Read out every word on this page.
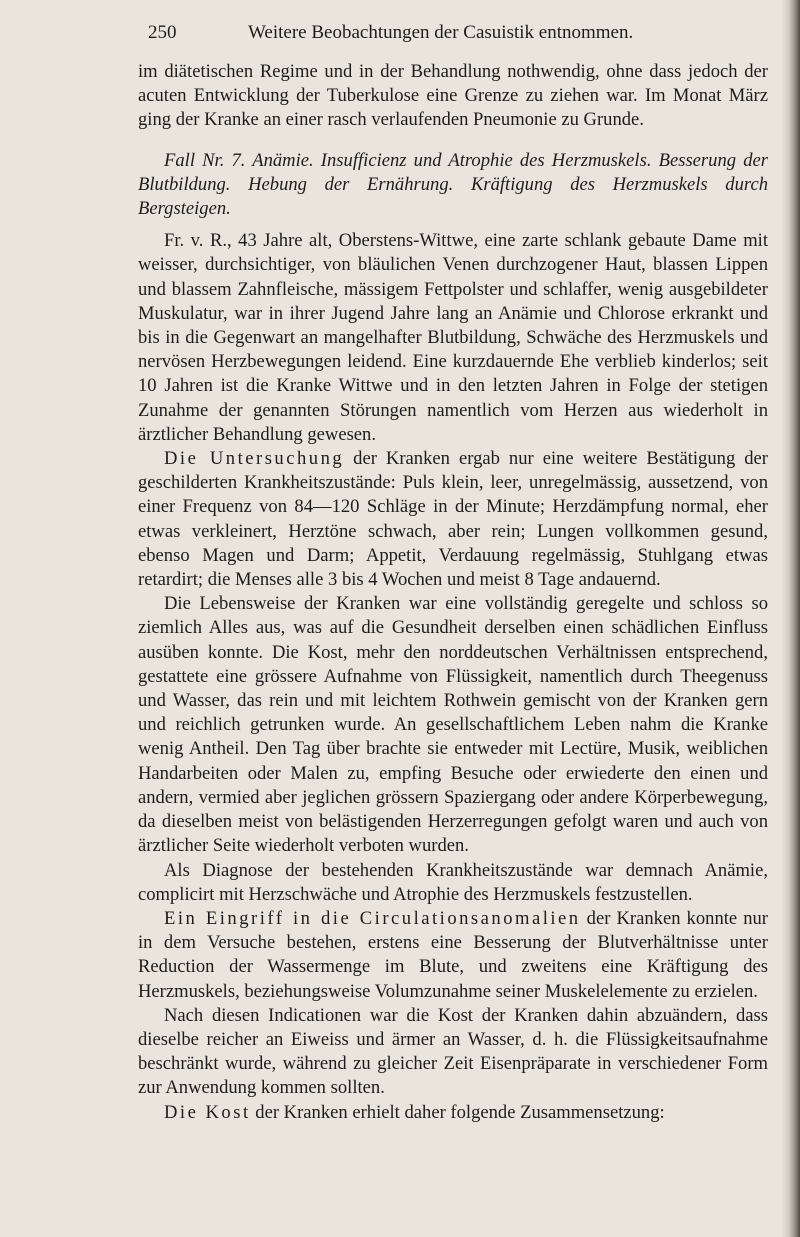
250	Weitere Beobachtungen der Casuistik entnommen.

im diätetischen Regime und in der Behandlung nothwendig, ohne dass jedoch der acuten Entwicklung der Tuberkulose eine Grenze zu ziehen war. Im Monat März ging der Kranke an einer rasch verlaufenden Pneumonie zu Grunde.

Fall Nr. 7. Anämie. Insufficienz und Atrophie des Herzmuskels. Besserung der Blutbildung. Hebung der Ernährung. Kräftigung des Herzmuskels durch Bergsteigen.

Fr. v. R., 43 Jahre alt, Oberstens-Wittwe, eine zarte schlank gebaute Dame mit weisser, durchsichtiger, von bläulichen Venen durchzogener Haut, blassen Lippen und blassem Zahnfleische, mässigem Fettpolster und schlaffer, wenig ausgebildeter Muskulatur, war in ihrer Jugend Jahre lang an Anämie und Chlorose erkrankt und bis in die Gegenwart an mangelhafter Blutbildung, Schwäche des Herzmuskels und nervösen Herzbewegungen leidend. Eine kurzdauernde Ehe verblieb kinderlos; seit 10 Jahren ist die Kranke Wittwe und in den letzten Jahren in Folge der stetigen Zunahme der genannten Störungen namentlich vom Herzen aus wiederholt in ärztlicher Behandlung gewesen.

Die Untersuchung der Kranken ergab nur eine weitere Bestätigung der geschilderten Krankheitszustände: Puls klein, leer, unregelmässig, aussetzend, von einer Frequenz von 84—120 Schläge in der Minute; Herzdämpfung normal, eher etwas verkleinert, Herztöne schwach, aber rein; Lungen vollkommen gesund, ebenso Magen und Darm; Appetit, Verdauung regelmässig, Stuhlgang etwas retardirt; die Menses alle 3 bis 4 Wochen und meist 8 Tage andauernd.

Die Lebensweise der Kranken war eine vollständig geregelte und schloss so ziemlich Alles aus, was auf die Gesundheit derselben einen schädlichen Einfluss ausüben konnte. Die Kost, mehr den norddeutschen Verhältnissen entsprechend, gestattete eine grössere Aufnahme von Flüssigkeit, namentlich durch Theegenuss und Wasser, das rein und mit leichtem Rothwein gemischt von der Kranken gern und reichlich getrunken wurde. An gesellschaftlichem Leben nahm die Kranke wenig Antheil. Den Tag über brachte sie entweder mit Lectüre, Musik, weiblichen Handarbeiten oder Malen zu, empfing Besuche oder erwiederte den einen und andern, vermied aber jeglichen grössern Spaziergang oder andere Körperbewegung, da dieselben meist von belästigenden Herzerregungen gefolgt waren und auch von ärztlicher Seite wiederholt verboten wurden.

Als Diagnose der bestehenden Krankheitszustände war demnach Anämie, complicirt mit Herzschwäche und Atrophie des Herzmuskels festzustellen.

Ein Eingriff in die Circulationsanomalien der Kranken konnte nur in dem Versuche bestehen, erstens eine Besserung der Blutverhältnisse unter Reduction der Wassermenge im Blute, und zweitens eine Kräftigung des Herzmuskels, beziehungsweise Volumzunahme seiner Muskelelemente zu erzielen.

Nach diesen Indicationen war die Kost der Kranken dahin abzuändern, dass dieselbe reicher an Eiweiss und ärmer an Wasser, d. h. die Flüssigkeitsaufnahme beschränkt wurde, während zu gleicher Zeit Eisenpräparate in verschiedener Form zur Anwendung kommen sollten.

Die Kost der Kranken erhielt daher folgende Zusammensetzung:
